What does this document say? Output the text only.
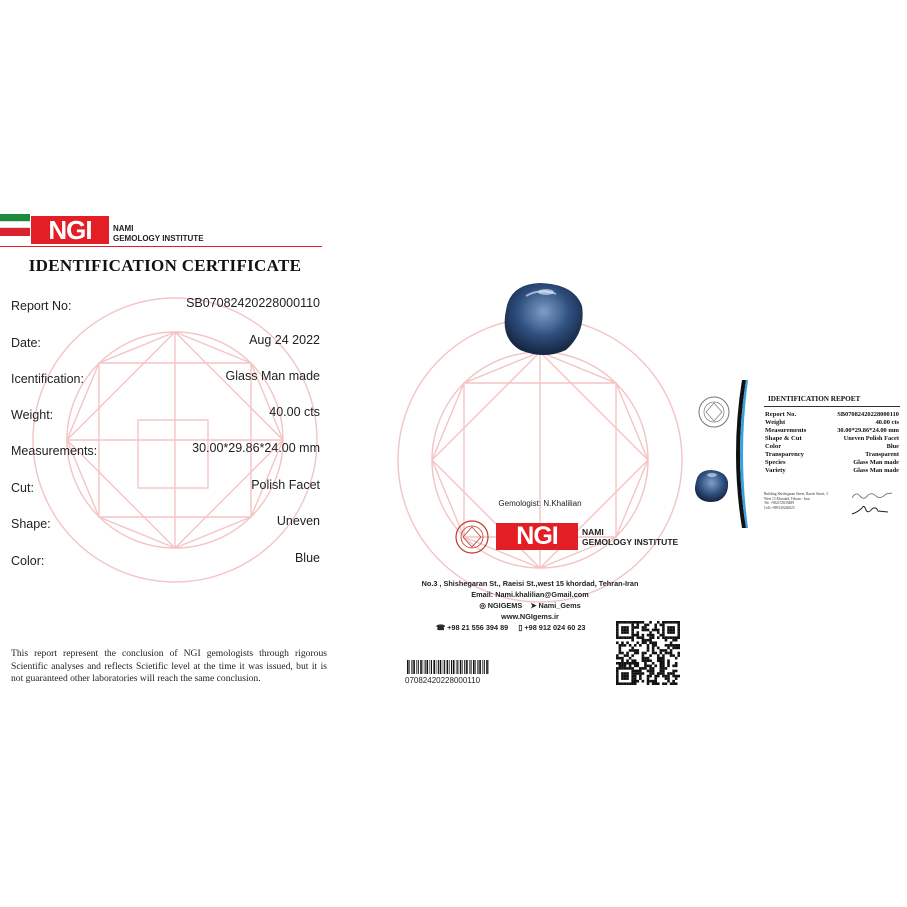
NGI	NAMI
GEMOLOGY INSTITUTE
IDENTIFICATION CERTIFICATE
Report No:	SB07082420228000110
Date:	Aug 24 2022
Icentification:	Glass Man made
Weight:	40.00 cts
Measurements:	30.00*29.86*24.00 mm
Cut:	Polish Facet
Shape:	Uneven
Color:	Blue
This report represent the conclusion of NGI gemologists through rigorous Scientific analyses and reflects Scietific level at the time it was issued, but it is not guaranteed other laboratories will reach the same conclusion.
Gemologist: N.Khalilian
NGI	NAMI
GEMOLOGY INSTITUTE
No.3 , Shishegaran St., Raeisi St.,west 15 khordad, Tehran-Iran
Email: Nami.khalilian@Gmail.com
◎ NGIGEMS ➤ Nami_Gems
www.NGIgems.ir
☎ +98 21 556 394 89 ▯ +98 912 024 60 23
07082420228000110
IDENTIFICATION REPOET
Report No.	SB07082420228000110
Weight	40.00 cts
Measurements	30.00*29.86*24.00 mm
Shape & Cut	Uneven Polish Facet
Color	Blue
Transparency	Transparent
Species	Glass Man made
Variety	Glass Man made
Building Shishegaran Street, Raeisi Street, 3
West 15 Khordad, Tehran - Iran
Tel: +982155639489
Cell:+989120246023
